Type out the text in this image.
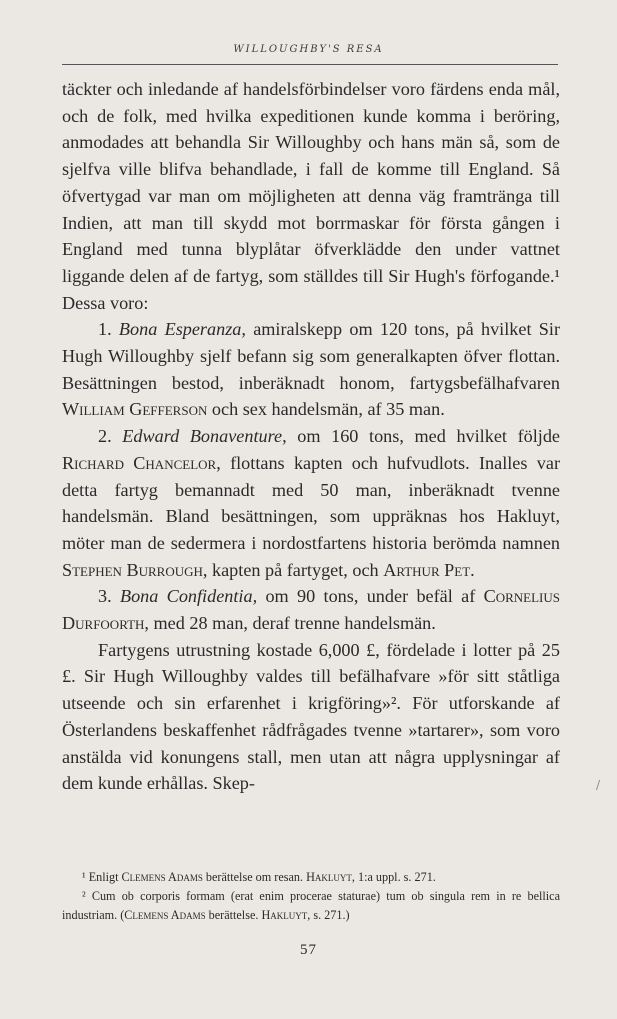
WILLOUGHBY'S RESA

täckter och inledande af handelsförbindelser voro färdens enda mål, och de folk, med hvilka expeditionen kunde komma i beröring, anmodades att behandla Sir Willoughby och hans män så, som de sjelfva ville blifva behandlade, i fall de komme till England. Så öfvertygad var man om möjligheten att denna väg framtränga till Indien, att man till skydd mot borrmaskar för första gången i England med tunna blyplåtar öfverklädde den under vattnet liggande delen af de fartyg, som ställdes till Sir Hugh's förfogande.¹ Dessa voro:

1. Bona Esperanza, amiralskepp om 120 tons, på hvilket Sir Hugh Willoughby sjelf befann sig som generalkapten öfver flottan. Besättningen bestod, inberäknadt honom, fartygsbefälhafvaren William Gefferson och sex handelsmän, af 35 man.

2. Edward Bonaventure, om 160 tons, med hvilket följde Richard Chancelor, flottans kapten och hufvudlots. Inalles var detta fartyg bemannadt med 50 man, inberäknadt tvenne handelsmän. Bland besättningen, som uppräknas hos Hakluyt, möter man de sedermera i nordostfartens historia berömda namnen Stephen Burrough, kapten på fartyget, och Arthur Pet.

3. Bona Confidentia, om 90 tons, under befäl af Cornelius Durfoorth, med 28 man, deraf trenne handelsmän.

Fartygens utrustning kostade 6,000 £, fördelade i lotter på 25 £. Sir Hugh Willoughby valdes till befälhafvare »för sitt ståtliga utseende och sin erfarenhet i krigföring»². För utforskande af Österlandens beskaffenhet rådfrågades tvenne »tartarer», som voro anstälda vid konungens stall, men utan att några upplysningar af dem kunde erhållas. Skep-	/

¹ Enligt Clemens Adams berättelse om resan. Hakluyt, 1:a uppl. s. 271.

² Cum ob corporis formam (erat enim procerae staturae) tum ob singula rem in re bellica industriam. (Clemens Adams berättelse. Hakluyt, s. 271.)

57
